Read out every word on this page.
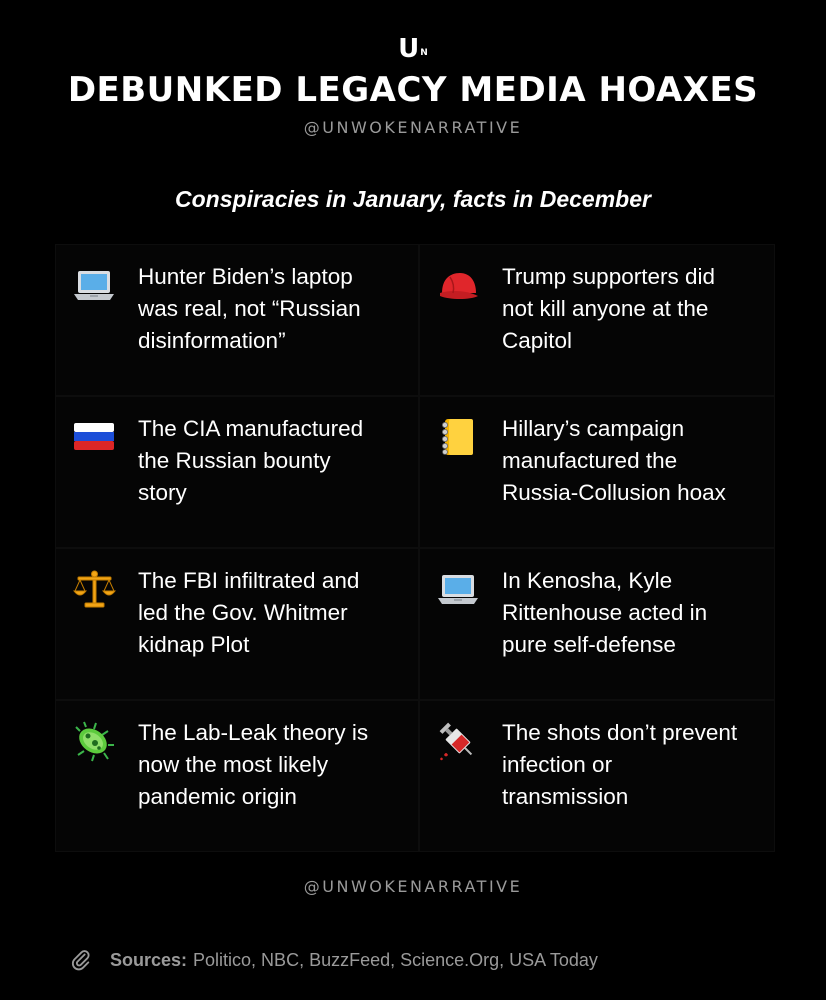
$U^N$
DEBUNKED LEGACY MEDIA HOAXES
@UNWOKENARRATIVE
Conspiracies in January, facts in December
Hunter Biden’s laptop
was real, not “Russian
disinformation”
Trump supporters did
not kill anyone at the
Capitol
The CIA manufactured
the Russian bounty
story
Hillary’s campaign
manufactured the
Russia-Collusion hoax
The FBI infiltrated and
led the Gov. Whitmer
kidnap Plot
In Kenosha, Kyle
Rittenhouse acted in
pure self-defense
The Lab-Leak theory is
now the most likely
pandemic origin
The shots don’t prevent
infection or
transmission
@UNWOKENARRATIVE
Sources: Politico, NBC, BuzzFeed, Science.Org, USA Today
